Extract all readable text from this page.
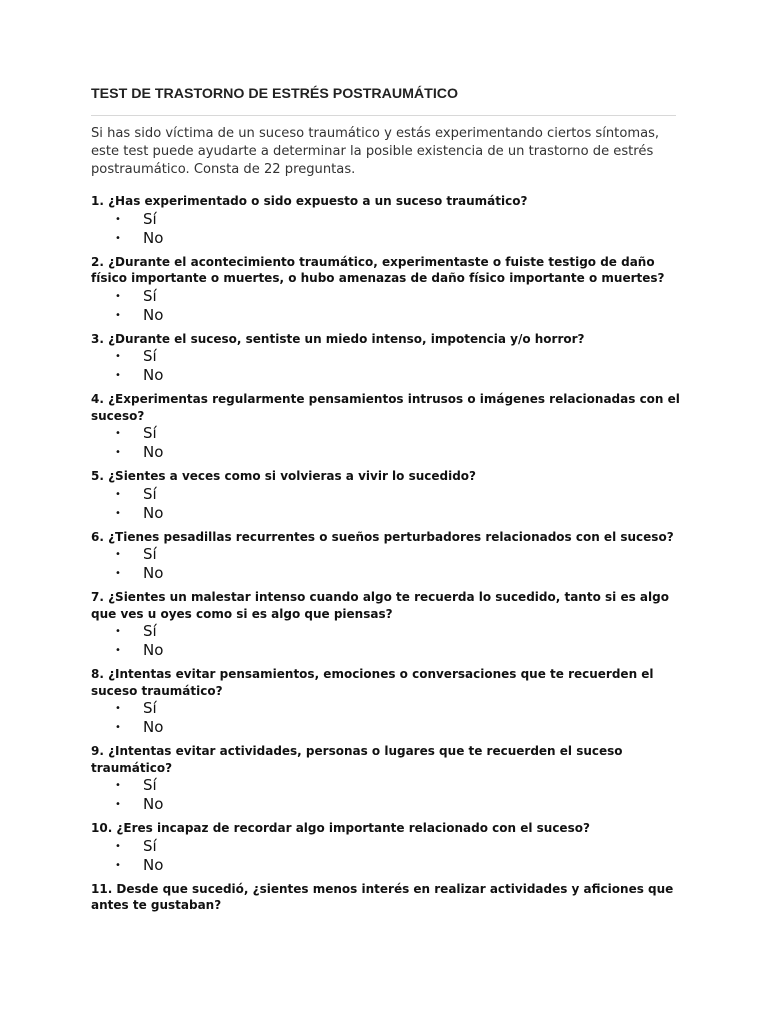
TEST DE TRASTORNO DE ESTRÉS POSTRAUMÁTICO

Si has sido víctima de un suceso traumático y estás experimentando ciertos síntomas, este test puede ayudarte a determinar la posible existencia de un trastorno de estrés postraumático. Consta de 22 preguntas.

1. ¿Has experimentado o sido expuesto a un suceso traumático?

• Sí
• No

2. ¿Durante el acontecimiento traumático, experimentaste o fuiste testigo de daño físico importante o muertes, o hubo amenazas de daño físico importante o muertes?

• Sí
• No

3. ¿Durante el suceso, sentiste un miedo intenso, impotencia y/o horror?

• Sí
• No

4. ¿Experimentas regularmente pensamientos intrusos o imágenes relacionadas con el suceso?

• Sí
• No

5. ¿Sientes a veces como si volvieras a vivir lo sucedido?

• Sí
• No

6. ¿Tienes pesadillas recurrentes o sueños perturbadores relacionados con el suceso?

• Sí
• No

7. ¿Sientes un malestar intenso cuando algo te recuerda lo sucedido, tanto si es algo que ves u oyes como si es algo que piensas?

• Sí
• No

8. ¿Intentas evitar pensamientos, emociones o conversaciones que te recuerden el suceso traumático?

• Sí
• No

9. ¿Intentas evitar actividades, personas o lugares que te recuerden el suceso traumático?

• Sí
• No

10. ¿Eres incapaz de recordar algo importante relacionado con el suceso?

• Sí
• No

11. Desde que sucedió, ¿sientes menos interés en realizar actividades y aficiones que antes te gustaban?
